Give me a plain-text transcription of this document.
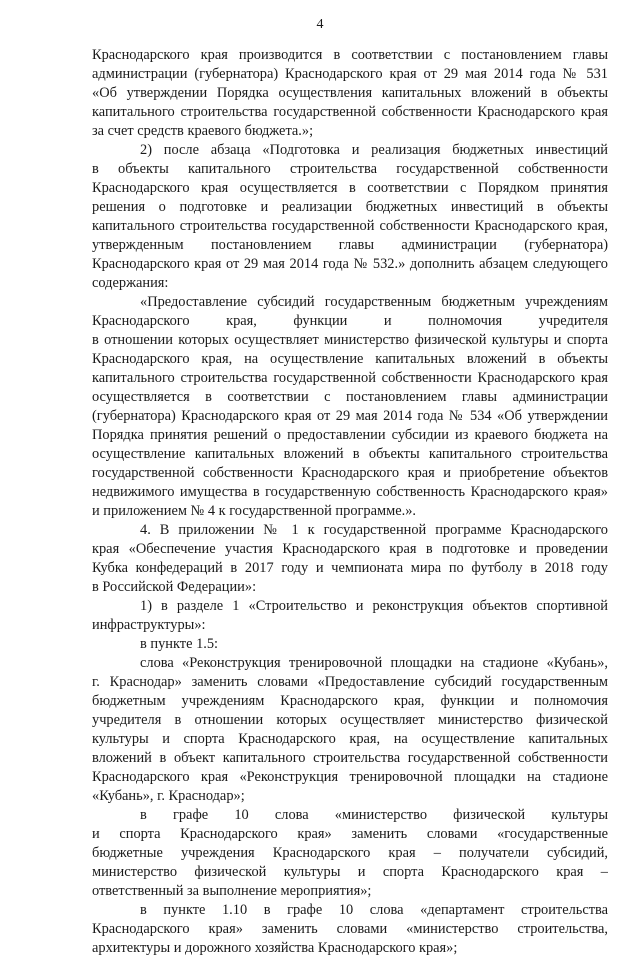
4
Краснодарского края производится в соответствии с постановлением главы
администрации (губернатора) Краснодарского края от 29 мая 2014 года № 531
«Об утверждении Порядка осуществления капитальных вложений в объекты
капитального строительства государственной собственности Краснодарского края
за счет средств краевого бюджета.»;
2) после абзаца «Подготовка и реализация бюджетных инвестиций
в объекты капитального строительства государственной собственности
Краснодарского края осуществляется в соответствии с Порядком принятия
решения о подготовке и реализации бюджетных инвестиций в объекты
капитального строительства государственной собственности Краснодарского края,
утвержденным постановлением главы администрации (губернатора)
Краснодарского края от 29 мая 2014 года № 532.» дополнить абзацем следующего
содержания:
«Предоставление субсидий государственным бюджетным учреждениям
Краснодарского края, функции и полномочия учредителя
в отношении которых осуществляет министерство физической культуры и спорта
Краснодарского края, на осуществление капитальных вложений в объекты
капитального строительства государственной собственности Краснодарского края
осуществляется в соответствии с постановлением главы администрации
(губернатора) Краснодарского края от 29 мая 2014 года № 534 «Об утверждении
Порядка принятия решений о предоставлении субсидии из краевого бюджета на
осуществление капитальных вложений в объекты капитального строительства
государственной собственности Краснодарского края и приобретение объектов
недвижимого имущества в государственную собственность Краснодарского края»
и приложением № 4 к государственной программе.».
4. В приложении № 1 к государственной программе Краснодарского
края «Обеспечение участия Краснодарского края в подготовке и проведении
Кубка конфедераций в 2017 году и чемпионата мира по футболу в 2018 году
в Российской Федерации»:
1) в разделе 1 «Строительство и реконструкция объектов спортивной
инфраструктуры»:
в пункте 1.5:
слова «Реконструкция тренировочной площадки на стадионе «Кубань»,
г. Краснодар» заменить словами «Предоставление субсидий государственным
бюджетным учреждениям Краснодарского края, функции и полномочия
учредителя в отношении которых осуществляет министерство физической
культуры и спорта Краснодарского края, на осуществление капитальных
вложений в объект капитального строительства государственной собственности
Краснодарского края «Реконструкция тренировочной площадки на стадионе
«Кубань», г. Краснодар»;
в графе 10 слова «министерство физической культуры
и спорта Краснодарского края» заменить словами «государственные
бюджетные учреждения Краснодарского края – получатели субсидий,
министерство физической культуры и спорта Краснодарского края –
ответственный за выполнение мероприятия»;
в пункте 1.10 в графе 10 слова «департамент строительства
Краснодарского края» заменить словами «министерство строительства,
архитектуры и дорожного хозяйства Краснодарского края»;
